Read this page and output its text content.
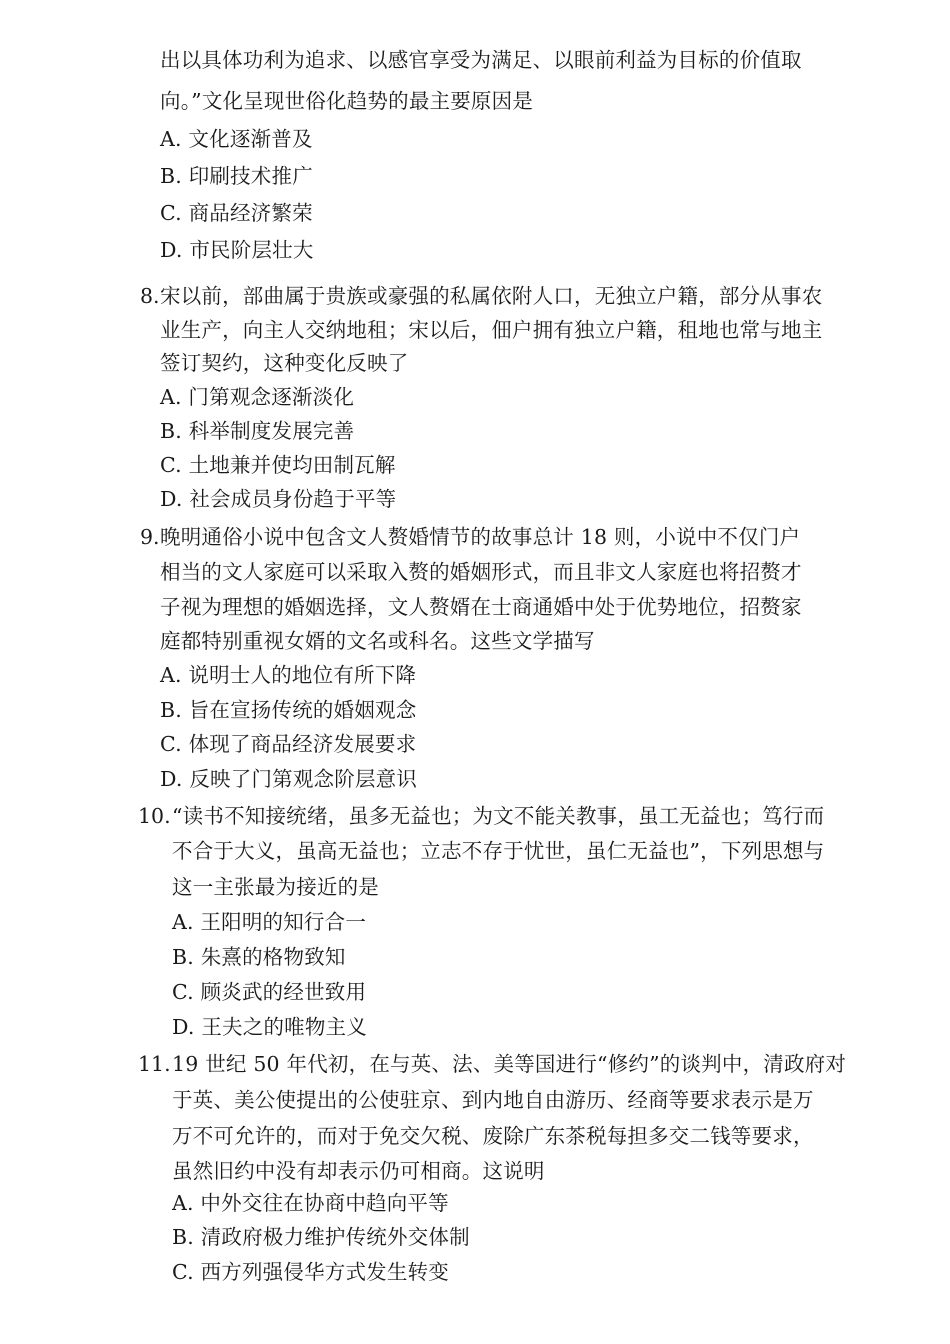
出以具体功利为追求、以感官享受为满足、以眼前利益为目标的价值取
向。”文化呈现世俗化趋势的最主要原因是
A. 文化逐渐普及
B. 印刷技术推广
C. 商品经济繁荣
D. 市民阶层壮大
8. 宋以前，部曲属于贵族或豪强的私属依附人口，无独立户籍，部分从事农
业生产，向主人交纳地租；宋以后，佃户拥有独立户籍，租地也常与地主
签订契约，这种变化反映了
A. 门第观念逐渐淡化
B. 科举制度发展完善
C. 土地兼并使均田制瓦解
D. 社会成员身份趋于平等
9. 晚明通俗小说中包含文人赘婚情节的故事总计 18 则，小说中不仅门户
相当的文人家庭可以采取入赘的婚姻形式，而且非文人家庭也将招赘才
子视为理想的婚姻选择，文人赘婿在士商通婚中处于优势地位，招赘家
庭都特别重视女婿的文名或科名。这些文学描写
A. 说明士人的地位有所下降
B. 旨在宣扬传统的婚姻观念
C. 体现了商品经济发展要求
D. 反映了门第观念阶层意识
10. “读书不知接统绪，虽多无益也；为文不能关教事，虽工无益也；笃行而
不合于大义，虽高无益也；立志不存于忧世，虽仁无益也”，下列思想与
这一主张最为接近的是
A. 王阳明的知行合一
B. 朱熹的格物致知
C. 顾炎武的经世致用
D. 王夫之的唯物主义
11. 19 世纪 50 年代初，在与英、法、美等国进行“修约”的谈判中，清政府对
于英、美公使提出的公使驻京、到内地自由游历、经商等要求表示是万
万不可允许的，而对于免交欠税、废除广东茶税每担多交二钱等要求，
虽然旧约中没有却表示仍可相商。这说明
A. 中外交往在协商中趋向平等
B. 清政府极力维护传统外交体制
C. 西方列强侵华方式发生转变
